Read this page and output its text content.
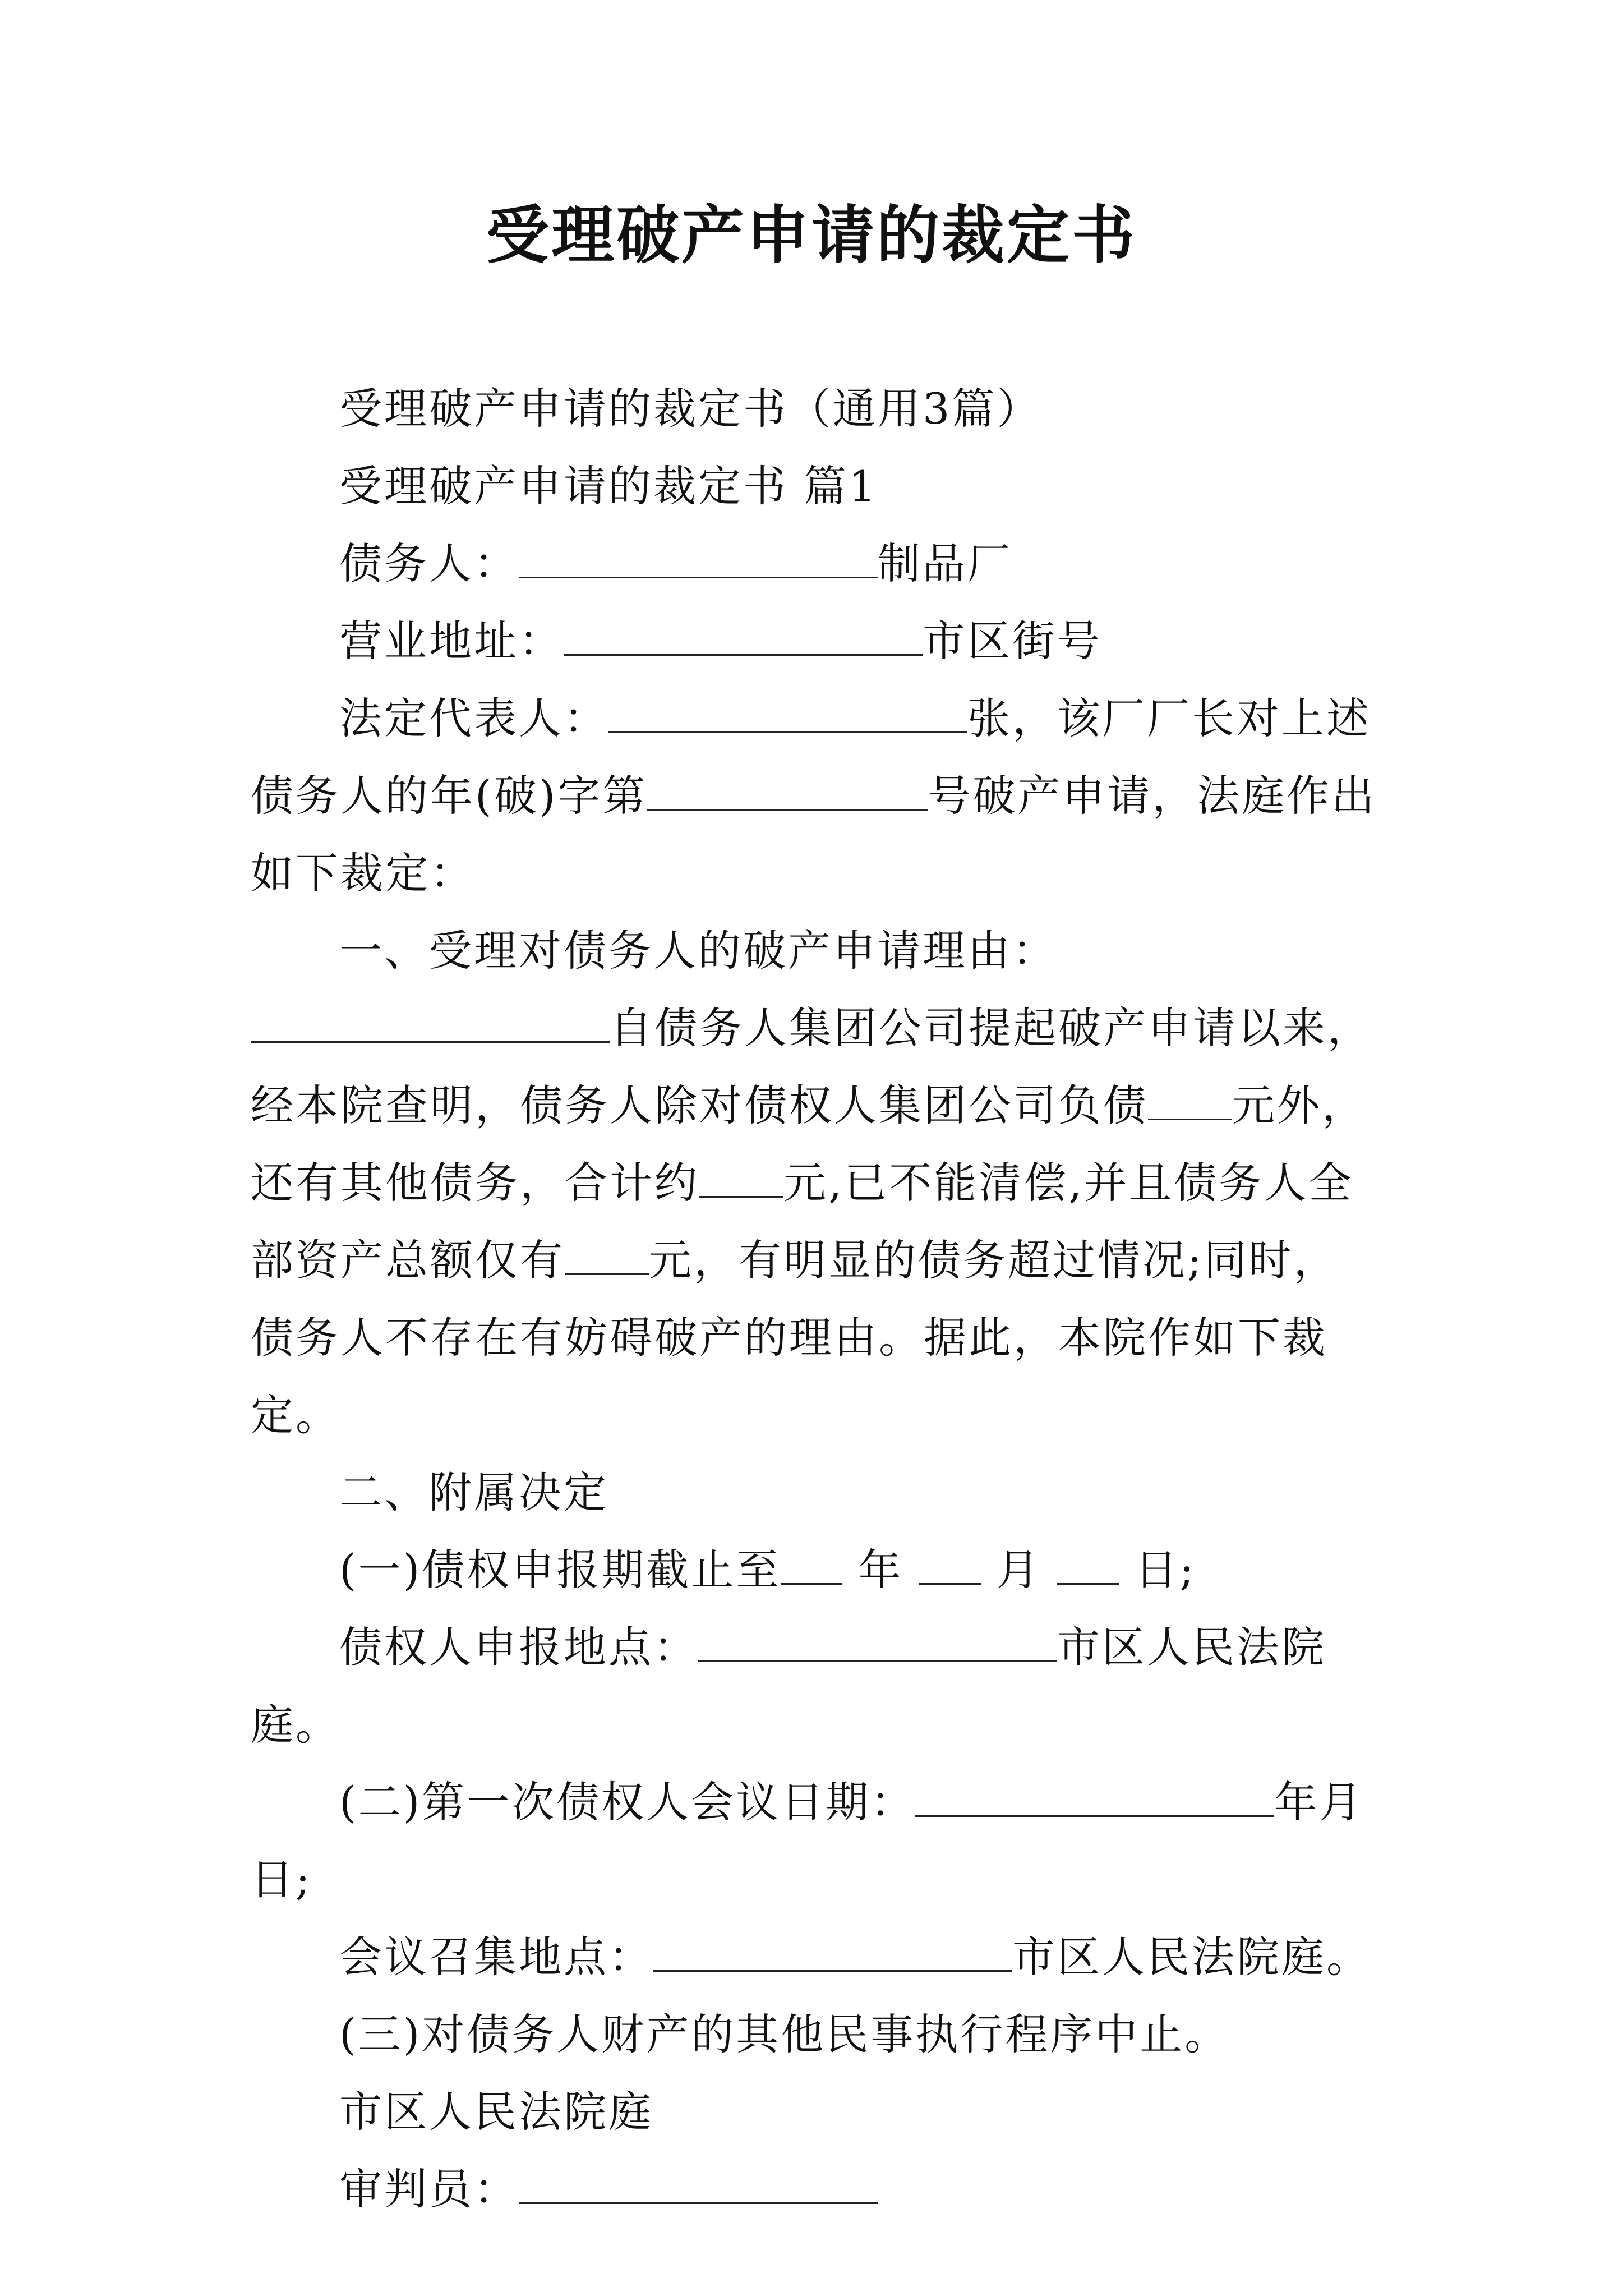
受理破产申请的裁定书

受理破产申请的裁定书（通用3篇）

受理破产申请的裁定书 篇1

债务人：	制品厂

营业地址：	市区街号

法定代表人：	张，该厂厂长对上述债务人的年(破)字第	号破产申请，法庭作出如下裁定：

一、受理对债务人的破产申请理由：自债务人集团公司提起破产申请以来，经本院查明，债务人除对债权人集团公司负债 元外，还有其他债务，合计约 元,已不能清偿,并且债务人全部资产总额仅有 元，有明显的债务超过情况;同时，债务人不存在有妨碍破产的理由。据此，本院作如下裁定。

二、附属决定

(一)债权申报期截止至 年  月  日;

债权人申报地点：	市区人民法院庭。

(二)第一次债权人会议日期：	年月日;

会议召集地点：	市区人民法院庭。

(三)对债务人财产的其他民事执行程序中止。

市区人民法院庭

审判员：
